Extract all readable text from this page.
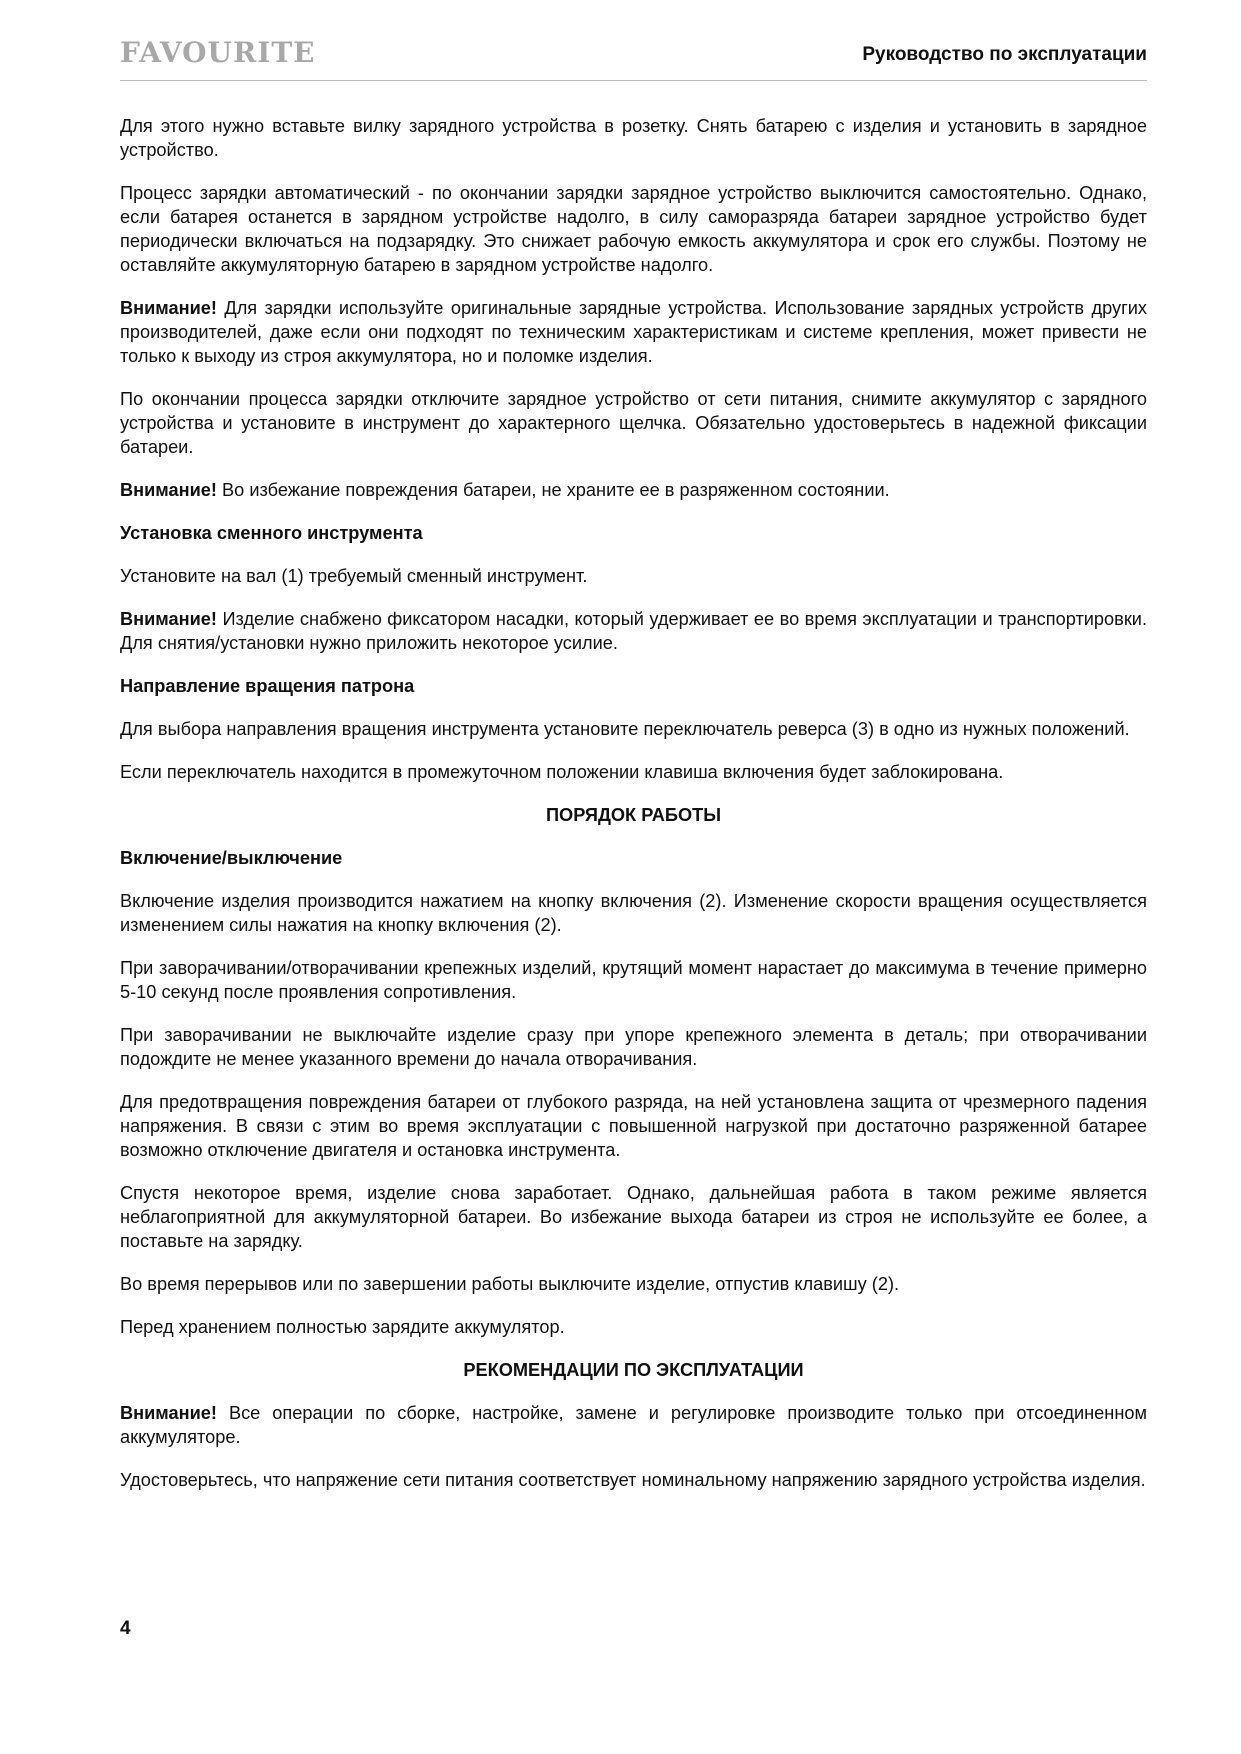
FAVOURITE	Руководство по эксплуатации

Для этого нужно вставьте вилку зарядного устройства в розетку. Снять батарею с изделия и установить в зарядное устройство.

Процесс зарядки автоматический - по окончании зарядки зарядное устройство выключится самостоятельно. Однако, если батарея останется в зарядном устройстве надолго, в силу саморазряда батареи зарядное устройство будет периодически включаться на подзарядку. Это снижает рабочую емкость аккумулятора и срок его службы. Поэтому не оставляйте аккумуляторную батарею в зарядном устройстве надолго.

Внимание! Для зарядки используйте оригинальные зарядные устройства. Использование зарядных устройств других производителей, даже если они подходят по техническим характеристикам и системе крепления, может привести не только к выходу из строя аккумулятора, но и поломке изделия.

По окончании процесса зарядки отключите зарядное устройство от сети питания, снимите аккумулятор с зарядного устройства и установите в инструмент до характерного щелчка. Обязательно удостоверьтесь в надежной фиксации батареи.

Внимание! Во избежание повреждения батареи, не храните ее в разряженном состоянии.

Установка сменного инструмента

Установите на вал (1) требуемый сменный инструмент.

Внимание! Изделие снабжено фиксатором насадки, который удерживает ее во время эксплуатации и транспортировки. Для снятия/установки нужно приложить некоторое усилие.

Направление вращения патрона

Для выбора направления вращения инструмента установите переключатель реверса (3) в одно из нужных положений.

Если переключатель находится в промежуточном положении клавиша включения будет заблокирована.

ПОРЯДОК РАБОТЫ
Включение/выключение

Включение изделия производится нажатием на кнопку включения (2). Изменение скорости вращения осуществляется изменением силы нажатия на кнопку включения (2).

При заворачивании/отворачивании крепежных изделий, крутящий момент нарастает до максимума в течение примерно 5-10 секунд после проявления сопротивления.

При заворачивании не выключайте изделие сразу при упоре крепежного элемента в деталь; при отворачивании подождите не менее указанного времени до начала отворачивания.

Для предотвращения повреждения батареи от глубокого разряда, на ней установлена защита от чрезмерного падения напряжения. В связи с этим во время эксплуатации с повышенной нагрузкой при достаточно разряженной батарее возможно отключение двигателя и остановка инструмента.

Спустя некоторое время, изделие снова заработает. Однако, дальнейшая работа в таком режиме является неблагоприятной для аккумуляторной батареи. Во избежание выхода батареи из строя не используйте ее более, а поставьте на зарядку.

Во время перерывов или по завершении работы выключите изделие, отпустив клавишу (2).

Перед хранением полностью зарядите аккумулятор.

РЕКОМЕНДАЦИИ ПО ЭКСПЛУАТАЦИИ

Внимание! Все операции по сборке, настройке, замене и регулировке производите только при отсоединенном аккумуляторе.

Удостоверьтесь, что напряжение сети питания соответствует номинальному напряжению зарядного устройства изделия.

4
